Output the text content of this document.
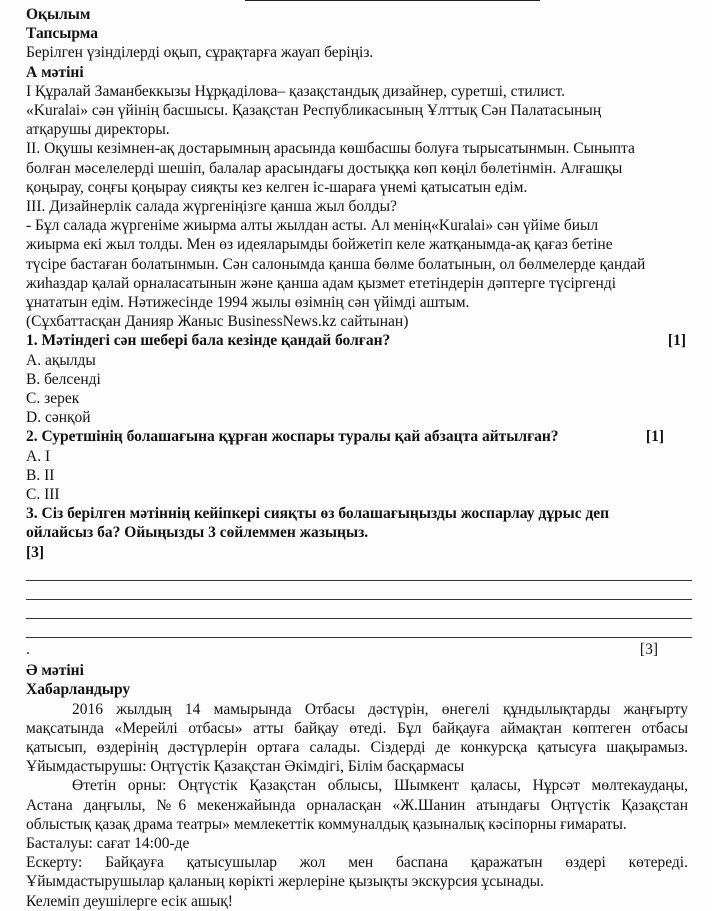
Оқылым
Тапсырма
Берілген үзінділерді оқып, сұрақтарға жауап беріңіз.
А мәтіні
І Құралай Заманбеккызы Нұрқаділова– қазақстандық дизайнер, суретші, стилист.
«Kuralai» сән үйінің басшысы. Қазақстан Республикасының Ұлттық Сән Палатасының
атқарушы директоры.
ІІ. Оқушы кезімнен-ақ достарымның арасында көшбасшы болуға тырысатынмын. Сыныпта
болған мәселелерді шешіп, балалар арасындағы достыққа көп көңіл бөлетінмін. Алғашқы
қоңырау, соңғы қоңырау сияқты кез келген іс-шараға үнемі қатысатын едім.
ІІІ. Дизайнерлік салада жүргеніңізге қанша жыл болды?
- Бұл салада жүргеніме жиырма алты жылдан асты. Ал менің«Kuralai» сән үйіме биыл
жиырма екі жыл толды. Мен өз идеяларымды бойжетіп келе жатқанымда-ақ қағаз бетіне
түсіре бастаған болатынмын. Сән салонымда қанша бөлме болатынын, ол бөлмелерде қандай
жиһаздар қалай орналасатынын және қанша адам қызмет ететіндерін дәптерге түсіргенді
ұнататын едім. Нәтижесінде 1994 жылы өзімнің сән үйімді аштым.
(Сұхбаттасқан Данияр Жаныс BusinessNews.kz сайтынан)
1. Мәтіндегі сән шебері бала кезінде қандай болған?	[1]
A. ақылды
B. белсенді
C. зерек
D. сәнқой
2. Суретшінің болашағына құрған жоспары туралы қай абзацта айтылған?	[1]
А. І
В. ІІ
С. ІІІ
3. Сіз берілген мәтіннің кейіпкері сияқты өз болашағыңызды жоспарлау дұрыс деп
ойлайсыз ба? Ойыңызды 3 сөйлеммен жазыңыз.
[3]
.	[3]
Ә мәтіні
Хабарландыру
2016 жылдың 14 мамырында Отбасы дәстүрін, өнегелі құндылықтарды жаңғырту
мақсатында «Мерейлі отбасы» атты байқау өтеді. Бұл байқауға аймақтан көптеген отбасы
қатысып, өздерінің дәстүрлерін ортаға салады. Сіздерді де конкурсқа қатысуға шақырамыз.
Ұйымдастырушы: Оңтүстік Қазақстан Әкімдігі, Білім басқармасы
Өтетін орны: Оңтүстік Қазақстан облысы, Шымкент қаласы, Нұрсәт мөлтекаудаңы,
Астана даңғылы, №6 мекенжайында орналасқан «Ж.Шанин атындағы Оңтүстік Қазақстан
облыстық қазақ драма театры» мемлекеттік коммуналдық қазыналық кәсіпорны ғимараты.
Басталуы: сағат 14:00-де
Ескерту: Байқауға қатысушылар жол мен баспана қаражатын өздері көтереді.
Ұйымдастырушылар қаланың көрікті жерлеріне қызықты экскурсия ұсынады.
Келеміп деушілерге есік ашық!
